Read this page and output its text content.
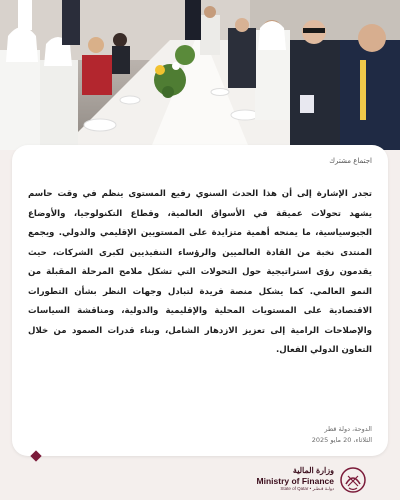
اجتماع مشترك

تجدر الإشارة إلى أن هذا الحدث السنوي رفيع المستوى ينظم في وقت حاسم يشهد تحولات عميقة في الأسواق العالمية، وقطاع التكنولوجيا، والأوضاع الجيوسياسية، ما يمنحه أهمية متزايدة على المستويين الإقليمي والدولي. ويجمع المنتدى نخبة من القادة العالميين والرؤساء التنفيذيين لكبرى الشركات، حيث يقدمون رؤى استراتيجية حول التحولات التي تشكل ملامح المرحلة المقبلة من النمو العالمي. كما يشكل منصة فريدة لتبادل وجهات النظر بشأن التطورات الاقتصادية على المستويات المحلية والإقليمية والدولية، ومناقشة السياسات والإصلاحات الرامية إلى تعزيز الازدهار الشامل، وبناء قدرات الصمود من خلال التعاون الدولي الفعال.

الدوحة، دولة قطر
الثلاثاء، 20 مايو 2025
وزارة المالية
Ministry of Finance
State of Qatar • دولـة قـطـر
